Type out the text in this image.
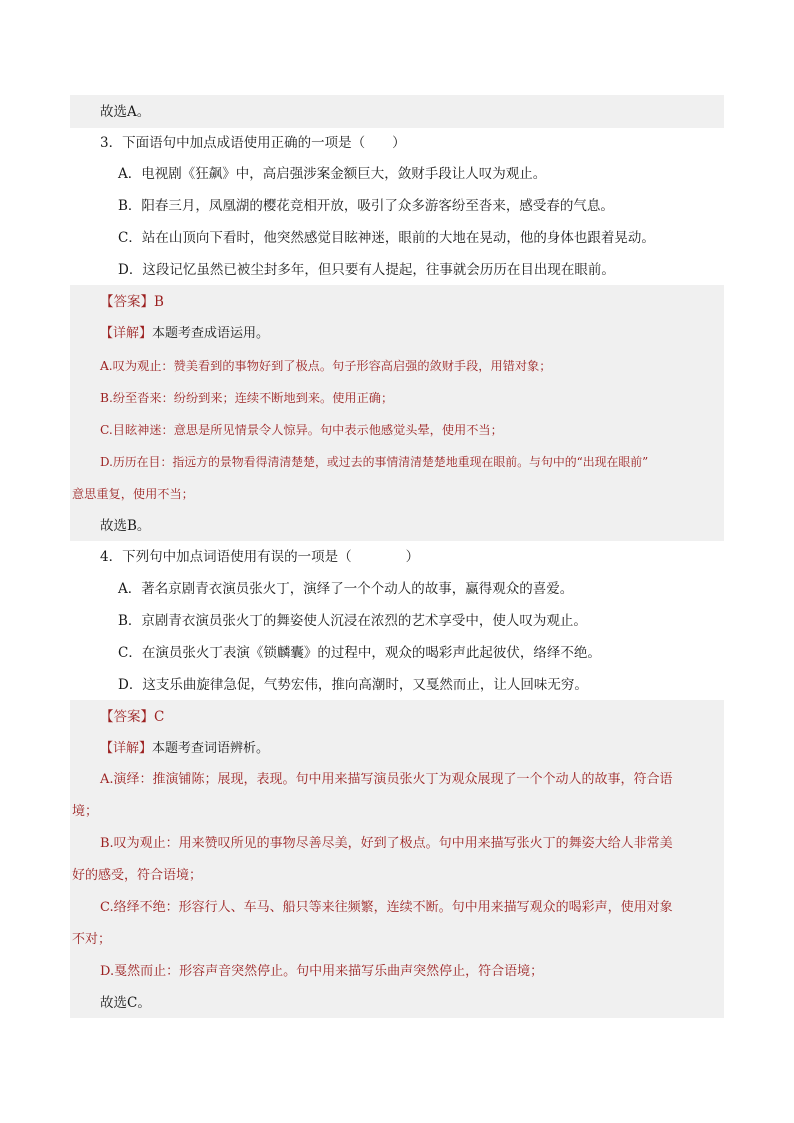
故选A。
3．下面语句中加点成语使用正确的一项是（　　）
A．电视剧《狂飙》中，高启强涉案金额巨大，敛财手段让人叹为观止。
B．阳春三月，凤凰湖的樱花竞相开放，吸引了众多游客纷至沓来，感受春的气息。
C．站在山顶向下看时，他突然感觉目眩神迷，眼前的大地在晃动，他的身体也跟着晃动。
D．这段记忆虽然已被尘封多年，但只要有人提起，往事就会历历在目出现在眼前。
【答案】B
【详解】本题考查成语运用。
A.叹为观止：赞美看到的事物好到了极点。句子形容高启强的敛财手段，用错对象；
B.纷至沓来：纷纷到来；连续不断地到来。使用正确；
C.目眩神迷：意思是所见情景令人惊异。句中表示他感觉头晕，使用不当；
D.历历在目：指远方的景物看得清清楚楚，或过去的事情清清楚楚地重现在眼前。与句中的“出现在眼前”
意思重复，使用不当；
故选B。
4．下列句中加点词语使用有误的一项是（　　　　）
A．著名京剧青衣演员张火丁，演绎了一个个动人的故事，赢得观众的喜爱。
B．京剧青衣演员张火丁的舞姿使人沉浸在浓烈的艺术享受中，使人叹为观止。
C．在演员张火丁表演《锁麟囊》的过程中，观众的喝彩声此起彼伏，络绎不绝。
D．这支乐曲旋律急促，气势宏伟，推向高潮时，又戛然而止，让人回味无穷。
【答案】C
【详解】本题考查词语辨析。
A.演绎：推演铺陈；展现，表现。句中用来描写演员张火丁为观众展现了一个个动人的故事，符合语
境；
B.叹为观止：用来赞叹所见的事物尽善尽美，好到了极点。句中用来描写张火丁的舞姿大给人非常美
好的感受，符合语境；
C.络绎不绝：形容行人、车马、船只等来往频繁，连续不断。句中用来描写观众的喝彩声，使用对象
不对；
D.戛然而止：形容声音突然停止。句中用来描写乐曲声突然停止，符合语境；
故选C。
